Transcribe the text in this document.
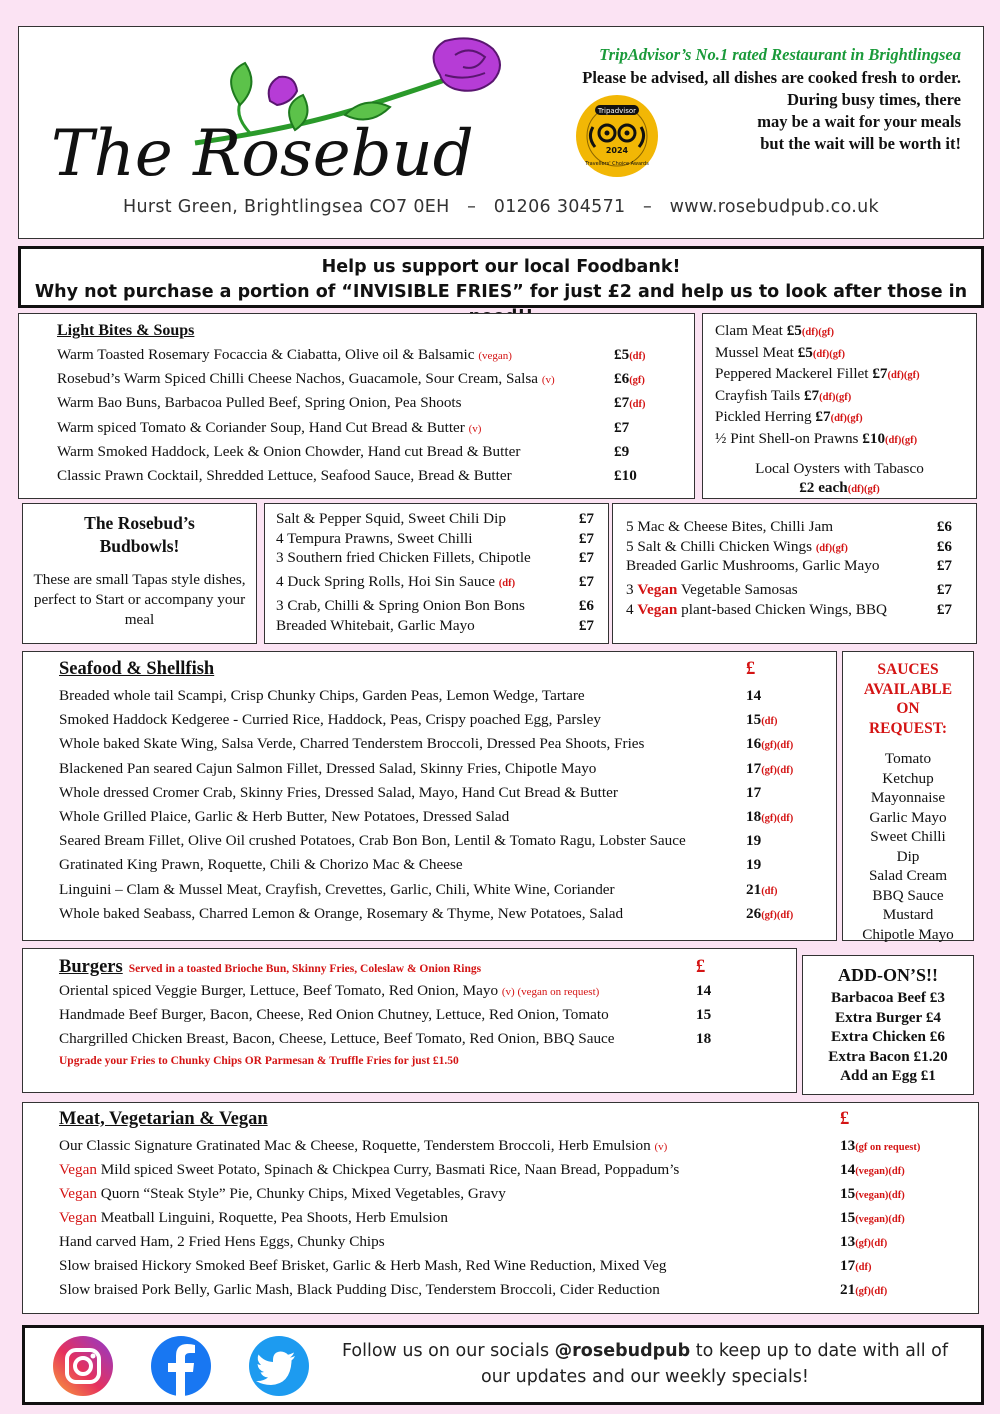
The Rosebud
Tripadvisor
2024
Travellers' Choice Awards
TripAdvisor’s No.1 rated Restaurant in Brightlingsea
Please be advised, all dishes are cooked fresh to order.
During busy times, there
may be a wait for your meals
but the wait will be worth it!
Hurst Green, Brightlingsea CO7 0EH   –   01206 304571   –   www.rosebudpub.co.uk
Help us support our local Foodbank!
Why not purchase a portion of “INVISIBLE FRIES” for just £2 and help us to look after those in
Light Bites & Soups
Warm Toasted Rosemary Focaccia & Ciabatta, Olive oil & Balsamic (vegan)	£5(df)
Rosebud’s Warm Spiced Chilli Cheese Nachos, Guacamole, Sour Cream, Salsa (v)	£6(gf)
Warm Bao Buns, Barbacoa Pulled Beef, Spring Onion, Pea Shoots	£7(df)
Warm spiced Tomato & Coriander Soup, Hand Cut Bread & Butter (v)	£7
Warm Smoked Haddock, Leek & Onion Chowder, Hand cut Bread & Butter	£9
Classic Prawn Cocktail, Shredded Lettuce, Seafood Sauce, Bread & Butter	£10
Clam Meat £5(df)(gf)
Mussel Meat £5(df)(gf)
Peppered Mackerel Fillet £7(df)(gf)
Crayfish Tails £7(df)(gf)
Pickled Herring £7(df)(gf)
½ Pint Shell-on Prawns £10(df)(gf)
Local Oysters with Tabasco
£2 each(df)(gf)
The Rosebud’s
Budbowls!
These are small Tapas style dishes, perfect to Start or accompany your meal
Salt & Pepper Squid, Sweet Chili Dip	£7
4 Tempura Prawns, Sweet Chilli	£7
3 Southern fried Chicken Fillets, Chipotle	£7
4 Duck Spring Rolls, Hoi Sin Sauce (df)	£7
3 Crab, Chilli & Spring Onion Bon Bons	£6
Breaded Whitebait, Garlic Mayo	£7
5 Mac & Cheese Bites, Chilli Jam	£6
5 Salt & Chilli Chicken Wings (df)(gf)	£6
Breaded Garlic Mushrooms, Garlic Mayo	£7
3 Vegan Vegetable Samosas	£7
4 Vegan plant-based Chicken Wings, BBQ	£7
Seafood & Shellfish	£
Breaded whole tail Scampi, Crisp Chunky Chips, Garden Peas, Lemon Wedge, Tartare	14
Smoked Haddock Kedgeree - Curried Rice, Haddock, Peas, Crispy poached Egg, Parsley	15(df)
Whole baked Skate Wing, Salsa Verde, Charred Tenderstem Broccoli, Dressed Pea Shoots, Fries	16(gf)(df)
Blackened Pan seared Cajun Salmon Fillet, Dressed Salad, Skinny Fries, Chipotle Mayo	17(gf)(df)
Whole dressed Cromer Crab, Skinny Fries, Dressed Salad, Mayo, Hand Cut Bread & Butter	17
Whole Grilled Plaice, Garlic & Herb Butter, New Potatoes, Dressed Salad	18(gf)(df)
Seared Bream Fillet, Olive Oil crushed Potatoes, Crab Bon Bon, Lentil & Tomato Ragu, Lobster Sauce	19
Gratinated King Prawn, Roquette, Chili & Chorizo Mac & Cheese	19
Linguini – Clam & Mussel Meat, Crayfish, Crevettes, Garlic, Chili, White Wine, Coriander	21(df)
Whole baked Seabass, Charred Lemon & Orange, Rosemary & Thyme, New Potatoes, Salad	26(gf)(df)
SAUCES
AVAILABLE
ON
REQUEST:
Tomato
Ketchup
Mayonnaise
Garlic Mayo
Sweet Chilli
Dip
Salad Cream
BBQ Sauce
Mustard
Chipotle Mayo
Burgers Served in a toasted Brioche Bun, Skinny Fries, Coleslaw & Onion Rings	£
Oriental spiced Veggie Burger, Lettuce, Beef Tomato, Red Onion, Mayo (v) (vegan on request)	14
Handmade Beef Burger, Bacon, Cheese, Red Onion Chutney, Lettuce, Red Onion, Tomato	15
Chargrilled Chicken Breast, Bacon, Cheese, Lettuce, Beef Tomato, Red Onion, BBQ Sauce	18
Upgrade your Fries to Chunky Chips OR Parmesan & Truffle Fries for just £1.50
ADD-ON’S!!
Barbacoa Beef £3
Extra Burger £4
Extra Chicken £6
Extra Bacon £1.20
Add an Egg £1
Meat, Vegetarian & Vegan	£
Our Classic Signature Gratinated Mac & Cheese, Roquette, Tenderstem Broccoli, Herb Emulsion (v)	13(gf on request)
Vegan Mild spiced Sweet Potato, Spinach & Chickpea Curry, Basmati Rice, Naan Bread, Poppadum’s	14(vegan)(df)
Vegan Quorn “Steak Style” Pie, Chunky Chips, Mixed Vegetables, Gravy	15(vegan)(df)
Vegan Meatball Linguini, Roquette, Pea Shoots, Herb Emulsion	15(vegan)(df)
Hand carved Ham, 2 Fried Hens Eggs, Chunky Chips	13(gf)(df)
Slow braised Hickory Smoked Beef Brisket, Garlic & Herb Mash, Red Wine Reduction, Mixed Veg	17(df)
Slow braised Pork Belly, Garlic Mash, Black Pudding Disc, Tenderstem Broccoli, Cider Reduction	21(gf)(df)
Follow us on our socials @rosebudpub to keep up to date with all of
our updates and our weekly specials!
